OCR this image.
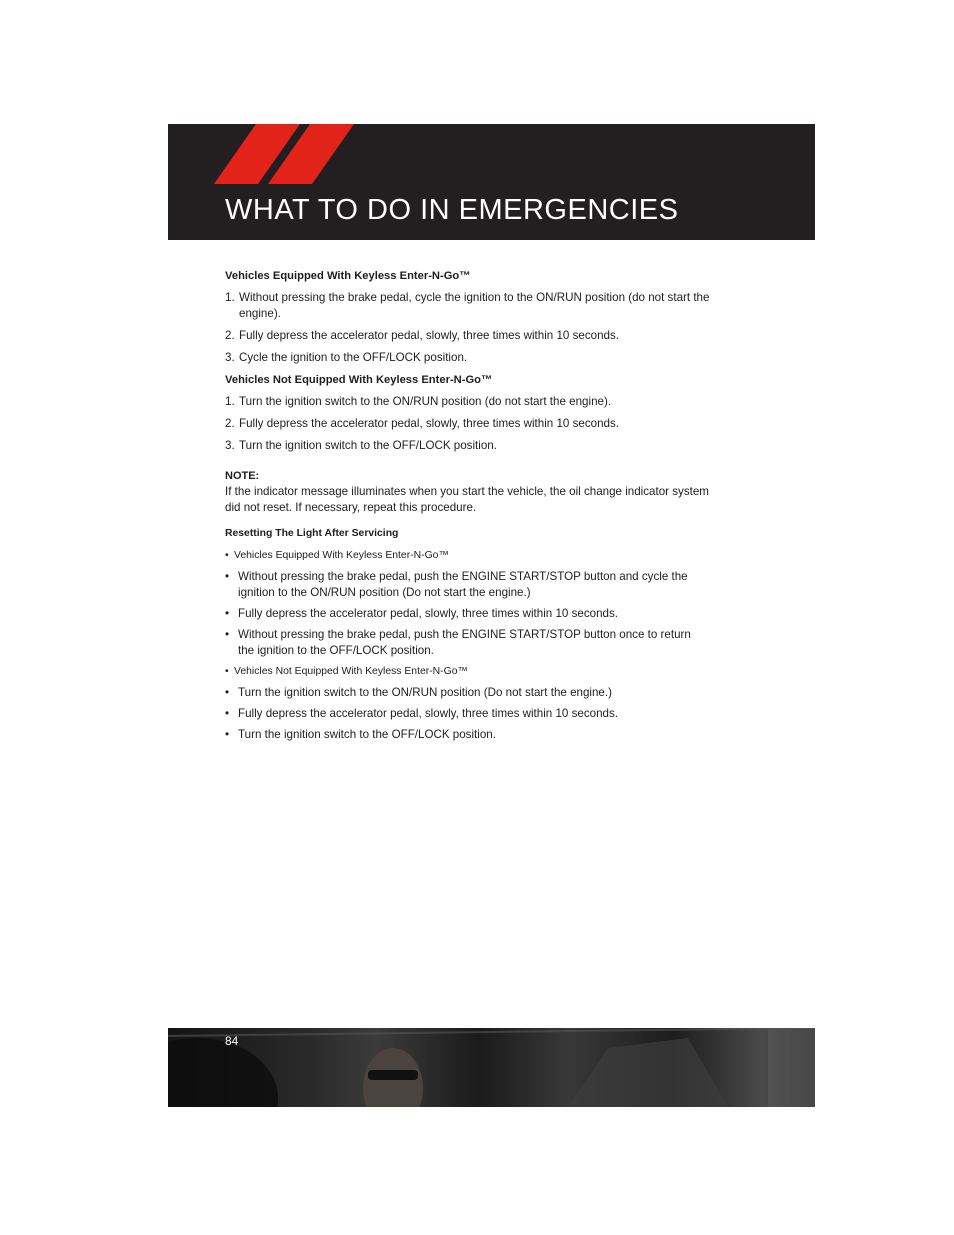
WHAT TO DO IN EMERGENCIES

Vehicles Equipped With Keyless Enter-N-Go™

1. Without pressing the brake pedal, cycle the ignition to the ON/RUN position (do not start the engine).
2. Fully depress the accelerator pedal, slowly, three times within 10 seconds.
3. Cycle the ignition to the OFF/LOCK position.

Vehicles Not Equipped With Keyless Enter-N-Go™

1. Turn the ignition switch to the ON/RUN position (do not start the engine).
2. Fully depress the accelerator pedal, slowly, three times within 10 seconds.
3. Turn the ignition switch to the OFF/LOCK position.

NOTE:

If the indicator message illuminates when you start the vehicle, the oil change indicator system did not reset. If necessary, repeat this procedure.

Resetting The Light After Servicing

• Vehicles Equipped With Keyless Enter-N-Go™

• Without pressing the brake pedal, push the ENGINE START/STOP button and cycle the ignition to the ON/RUN position (Do not start the engine.)
• Fully depress the accelerator pedal, slowly, three times within 10 seconds.
• Without pressing the brake pedal, push the ENGINE START/STOP button once to return the ignition to the OFF/LOCK position.

• Vehicles Not Equipped With Keyless Enter-N-Go™

• Turn the ignition switch to the ON/RUN position (Do not start the engine.)
• Fully depress the accelerator pedal, slowly, three times within 10 seconds.
• Turn the ignition switch to the OFF/LOCK position.
84
